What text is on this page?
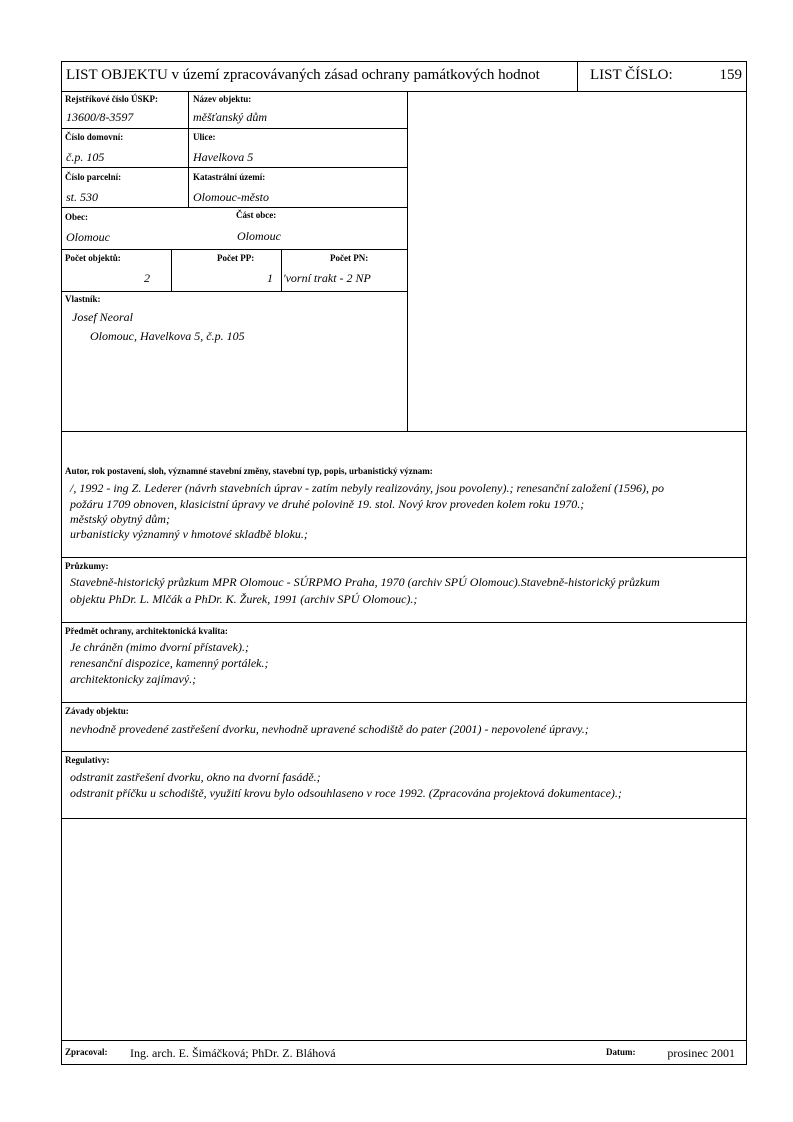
LIST OBJEKTU v území zpracovávaných zásad ochrany památkových hodnot	LIST ČÍSLO:	159
Rejstříkové číslo ÚSKP:
13600/8-3597
Název objektu:
měšťanský dům
Číslo domovní:
č.p. 105
Ulice:
Havelkova 5
Číslo parcelní:
st. 530
Katastrální území:
Olomouc-město
Obec:
Olomouc
Část obce:
Olomouc
Počet objektů:
2
Počet PP:
1
Počet PN:
'vorní trakt - 2 NP
Vlastník:
Josef Neoral
Olomouc, Havelkova 5, č.p. 105
Autor, rok postavení, sloh, významné stavební změny, stavební typ, popis, urbanistický význam:
/, 1992 - ing Z. Lederer (návrh stavebních úprav - zatím nebyly realizovány, jsou povoleny).; renesanční založení (1596), po
požáru 1709 obnoven, klasicistní úpravy ve druhé polovině 19. stol. Nový krov proveden kolem roku 1970.;
městský obytný dům;
urbanisticky významný v hmotové skladbě bloku.;
Průzkumy:
Stavebně-historický průzkum MPR Olomouc - SÚRPMO Praha, 1970 (archiv SPÚ Olomouc).Stavebně-historický průzkum
objektu PhDr. L. Mlčák a PhDr. K. Žurek, 1991 (archiv SPÚ Olomouc).;
Předmět ochrany, architektonická kvalita:
Je chráněn (mimo dvorní přístavek).;
renesanční dispozice, kamenný portálek.;
architektonicky zajímavý.;
Závady objektu:
nevhodně provedené zastřešení dvorku, nevhodně upravené schodiště do pater (2001) - nepovolené úpravy.;
Regulativy:
odstranit zastřešení dvorku, okno na dvorní fasádě.;
odstranit příčku u schodiště, využití krovu bylo odsouhlaseno v roce 1992. (Zpracována projektová dokumentace).;
Zpracoval: Ing. arch. E. Šimáčková; PhDr. Z. Bláhová	Datum:	prosinec 2001
